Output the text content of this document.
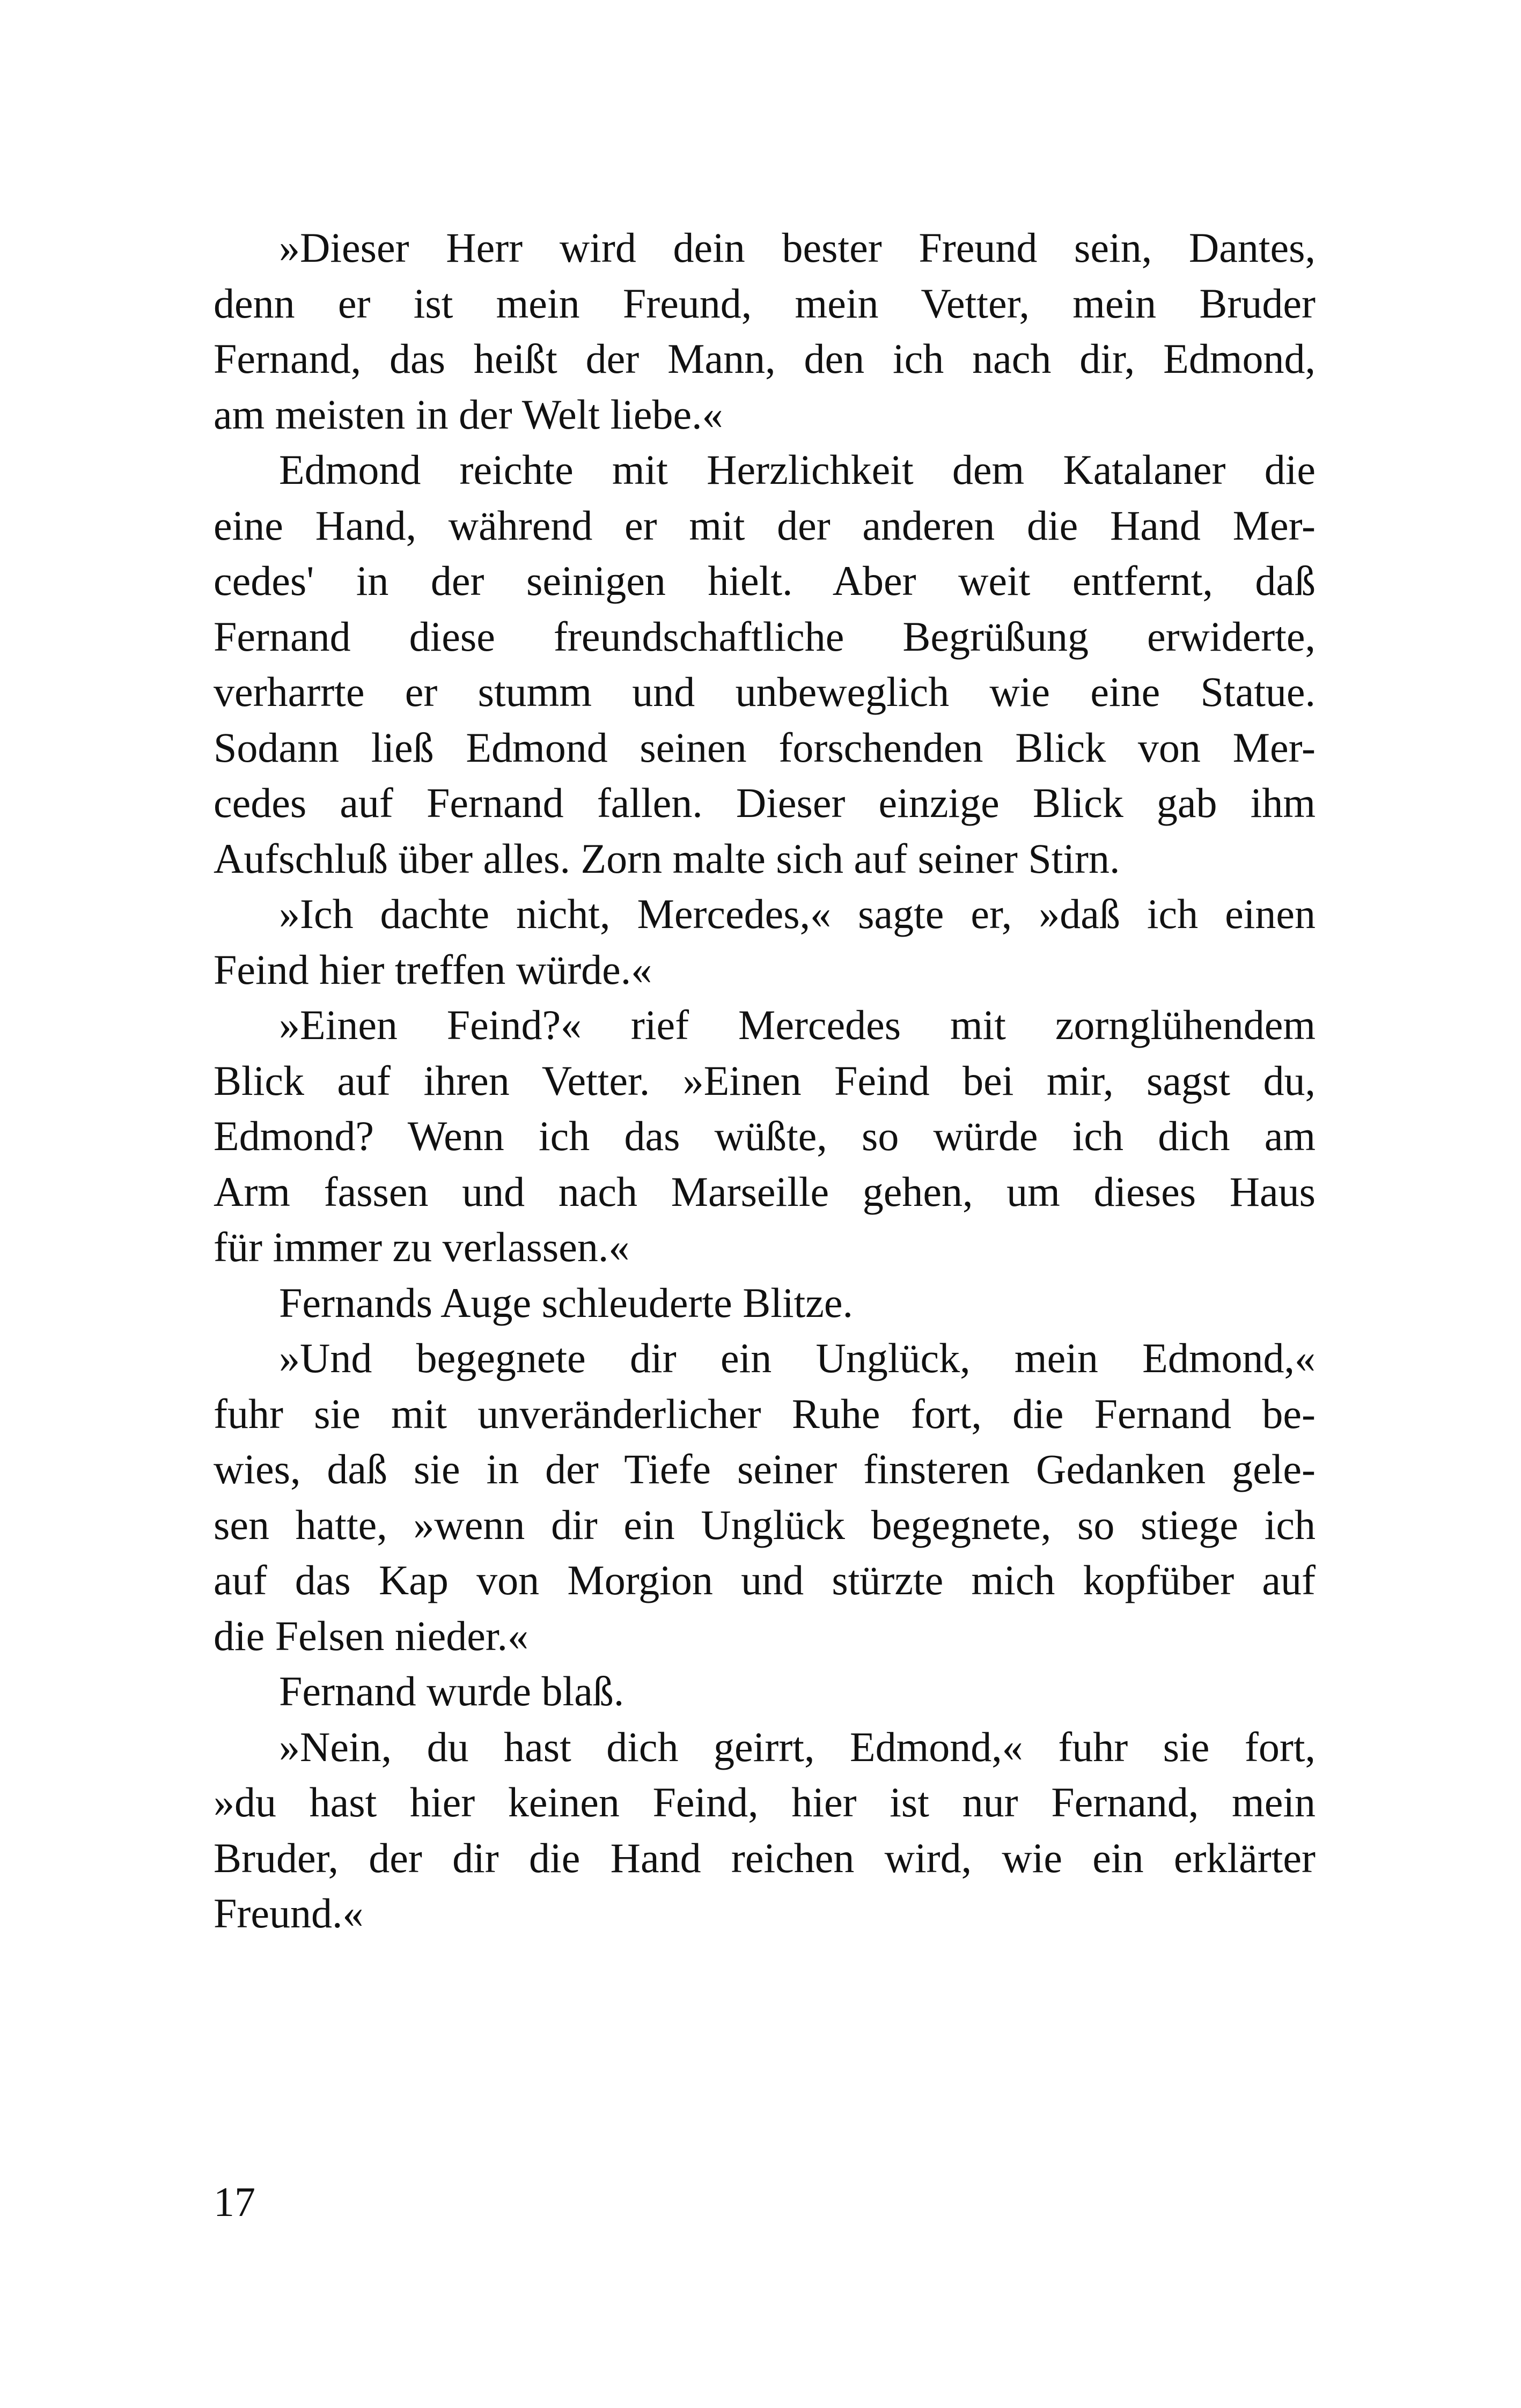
»Dieser Herr wird dein bester Freund sein, Dantes,
denn er ist mein Freund, mein Vetter, mein Bruder
Fernand, das heißt der Mann, den ich nach dir, Edmond,
am meisten in der Welt liebe.«
Edmond reichte mit Herzlichkeit dem Katalaner die
eine Hand, während er mit der anderen die Hand Mer-
cedes' in der seinigen hielt. Aber weit entfernt, daß
Fernand diese freundschaftliche Begrüßung erwiderte,
verharrte er stumm und unbeweglich wie eine Statue.
Sodann ließ Edmond seinen forschenden Blick von Mer-
cedes auf Fernand fallen. Dieser einzige Blick gab ihm
Aufschluß über alles. Zorn malte sich auf seiner Stirn.
»Ich dachte nicht, Mercedes,« sagte er, »daß ich einen
Feind hier treffen würde.«
»Einen Feind?« rief Mercedes mit zornglühendem
Blick auf ihren Vetter. »Einen Feind bei mir, sagst du,
Edmond? Wenn ich das wüßte, so würde ich dich am
Arm fassen und nach Marseille gehen, um dieses Haus
für immer zu verlassen.«
Fernands Auge schleuderte Blitze.
»Und begegnete dir ein Unglück, mein Edmond,«
fuhr sie mit unveränderlicher Ruhe fort, die Fernand be-
wies, daß sie in der Tiefe seiner finsteren Gedanken gele-
sen hatte, »wenn dir ein Unglück begegnete, so stiege ich
auf das Kap von Morgion und stürzte mich kopfüber auf
die Felsen nieder.«
Fernand wurde blaß.
»Nein, du hast dich geirrt, Edmond,« fuhr sie fort,
»du hast hier keinen Feind, hier ist nur Fernand, mein
Bruder, der dir die Hand reichen wird, wie ein erklärter
Freund.«
17
